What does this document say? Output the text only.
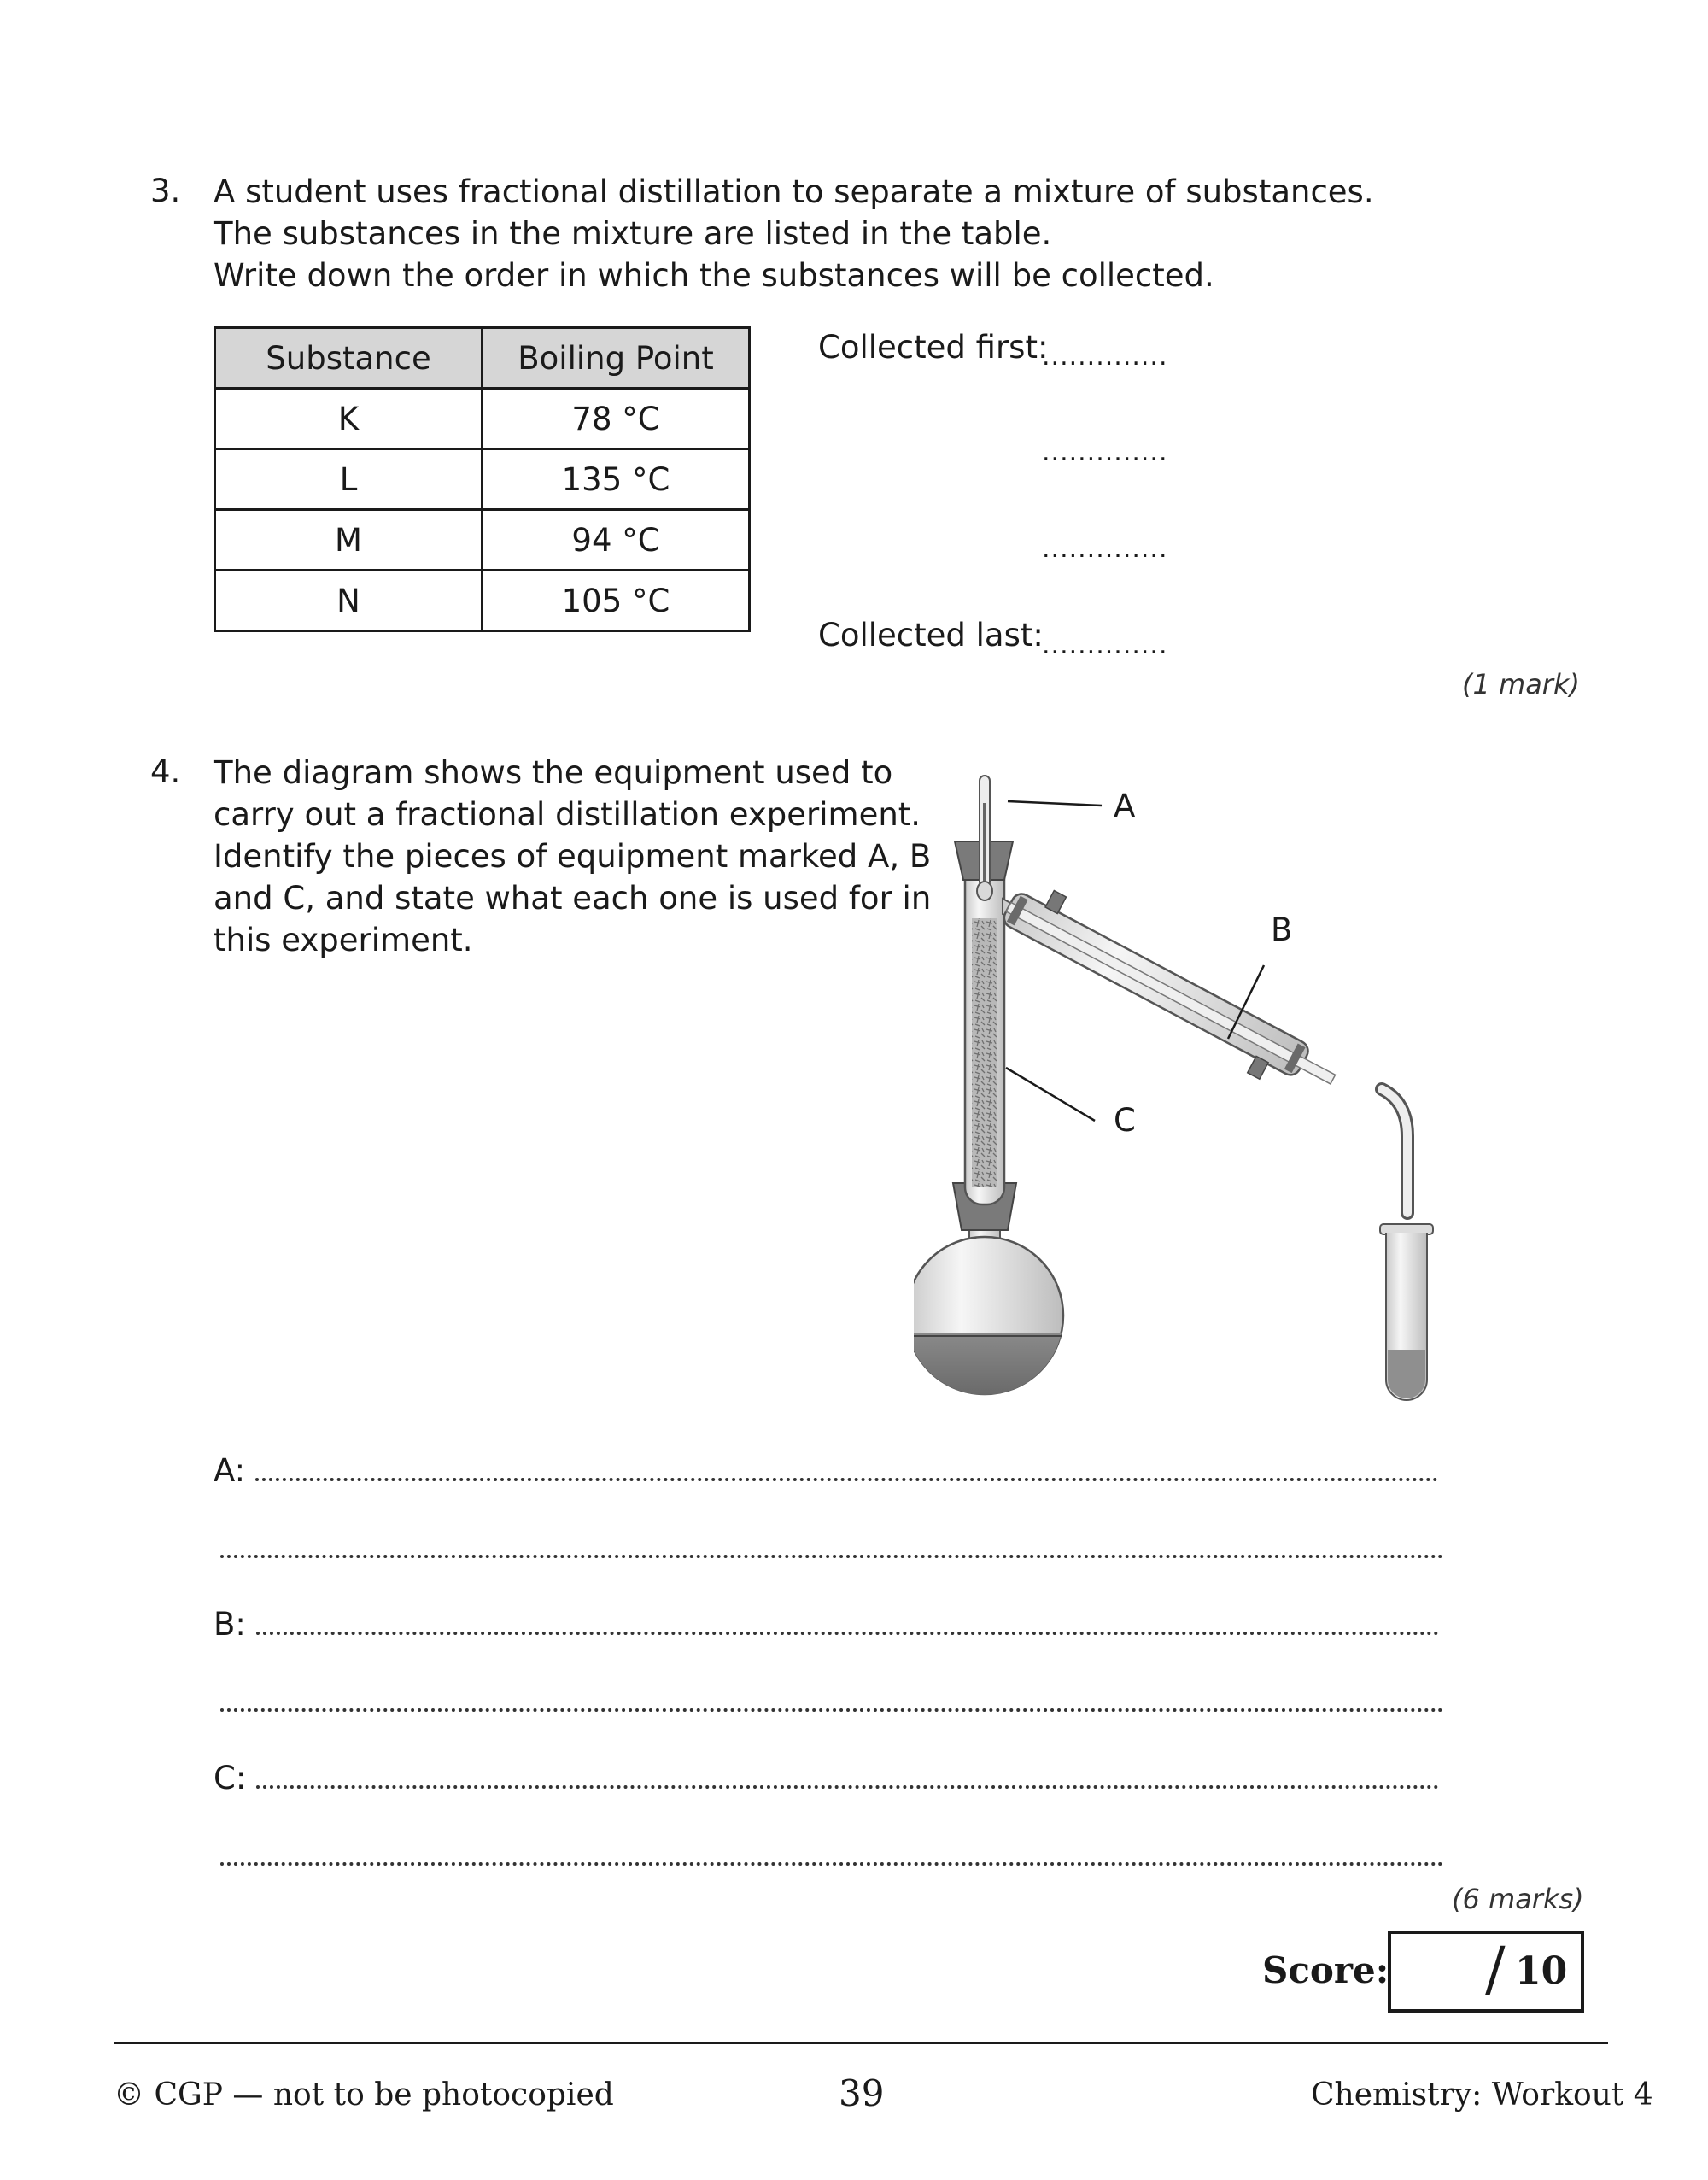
3. A student uses fractional distillation to separate a mixture of substances.
The substances in the mixture are listed in the table.
Write down the order in which the substances will be collected.
Substance	Boiling Point
K	78 °C
L	135 °C
M	94 °C
N	105 °C
Collected first:
..............
..............
..............
Collected last:
..............
(1 mark)
4. The diagram shows the equipment used to
carry out a fractional distillation experiment.
Identify the pieces of equipment marked A, B
and C, and state what each one is used for in
this experiment.
A
B
C
A:
B:
C:
(6 marks)
Score: / 10
© CGP — not to be photocopied	39	Chemistry: Workout 4
